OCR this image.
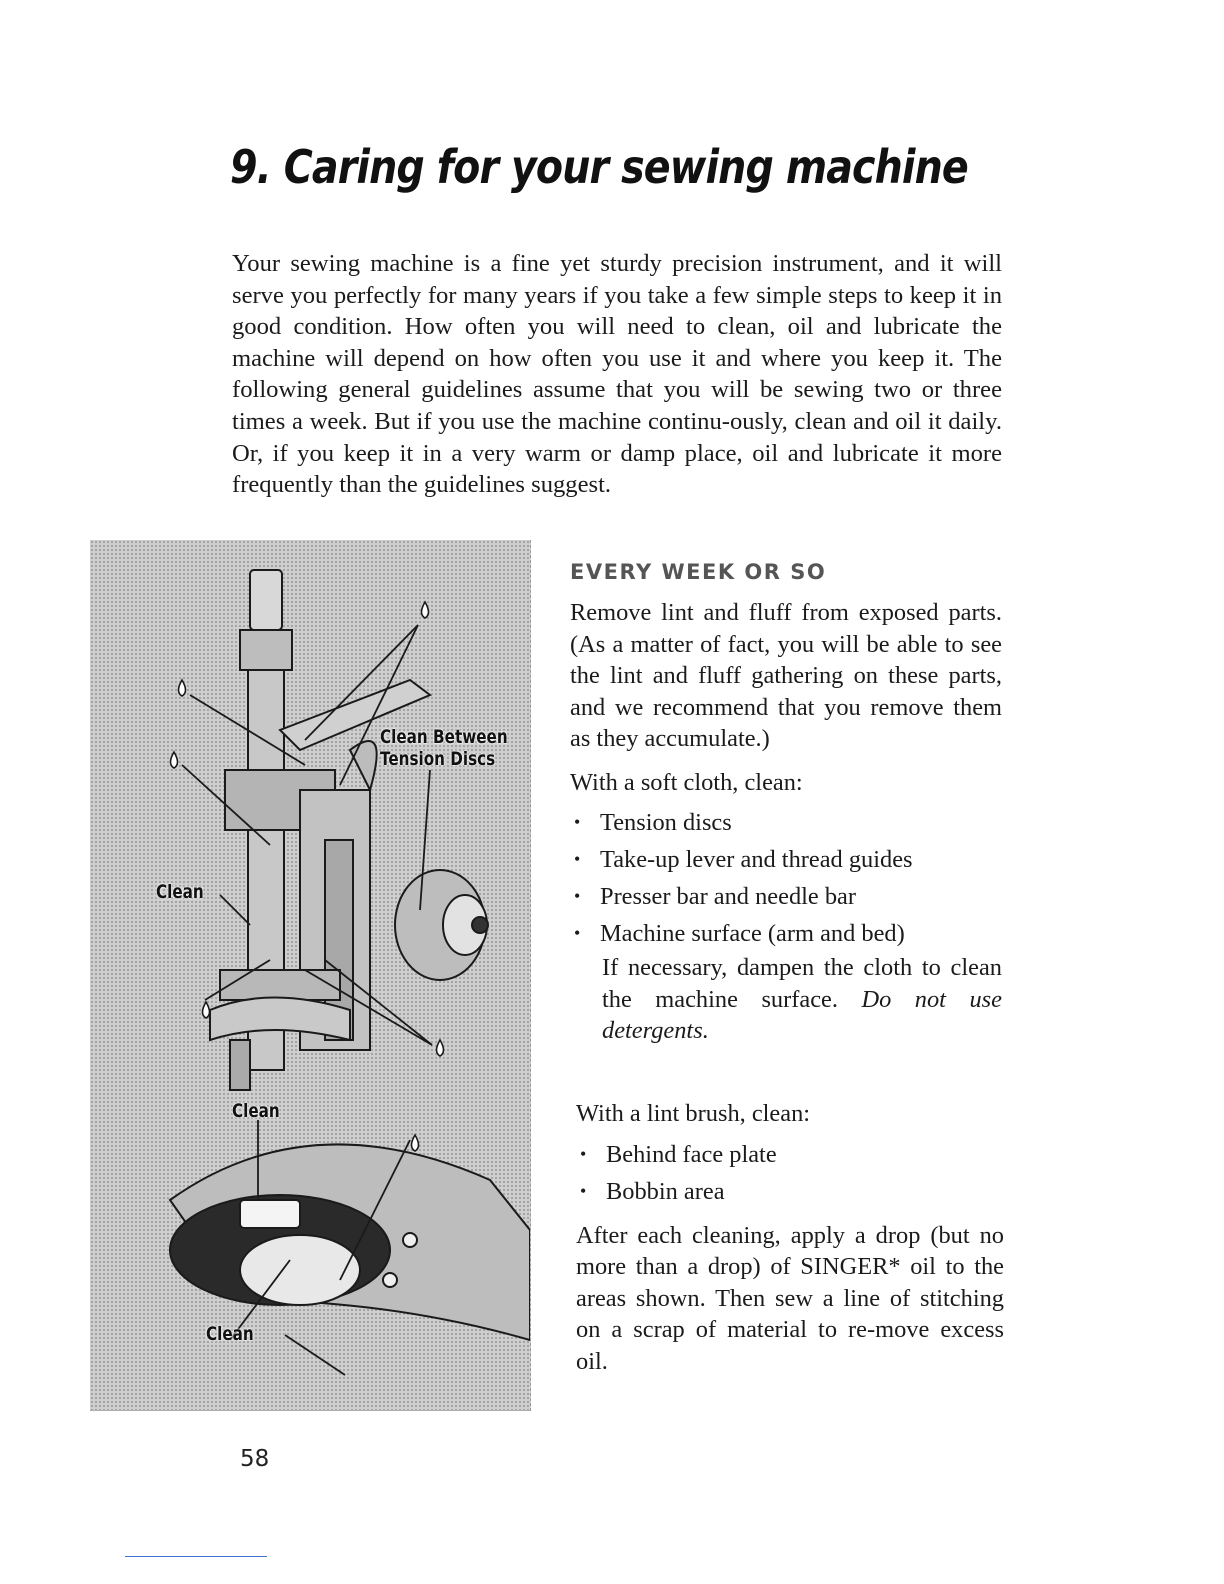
9. Caring for your sewing machine

Your sewing machine is a fine yet sturdy precision instrument, and it will serve you perfectly for many years if you take a few simple steps to keep it in good condition. How often you will need to clean, oil and lubricate the machine will depend on how often you use it and where you keep it. The following general guidelines assume that you will be sewing two or three times a week. But if you use the machine continu-ously, clean and oil it daily. Or, if you keep it in a very warm or damp place, oil and lubricate it more frequently than the guidelines suggest.

Clean Between

Tension Discs

Clean

Clean

Clean

EVERY WEEK OR SO

Remove lint and fluff from exposed parts. (As a matter of fact, you will be able to see the lint and fluff gathering on these parts, and we recommend that you remove them as they accumulate.)

With a soft cloth, clean:

• Tension discs
• Take-up lever and thread guides
• Presser bar and needle bar
• Machine surface (arm and bed)

If necessary, dampen the cloth to clean the machine surface. Do not use detergents.

With a lint brush, clean:

• Behind face plate
• Bobbin area

After each cleaning, apply a drop (but no more than a drop) of SINGER* oil to the areas shown. Then sew a line of stitching on a scrap of material to re-move excess oil.

58
